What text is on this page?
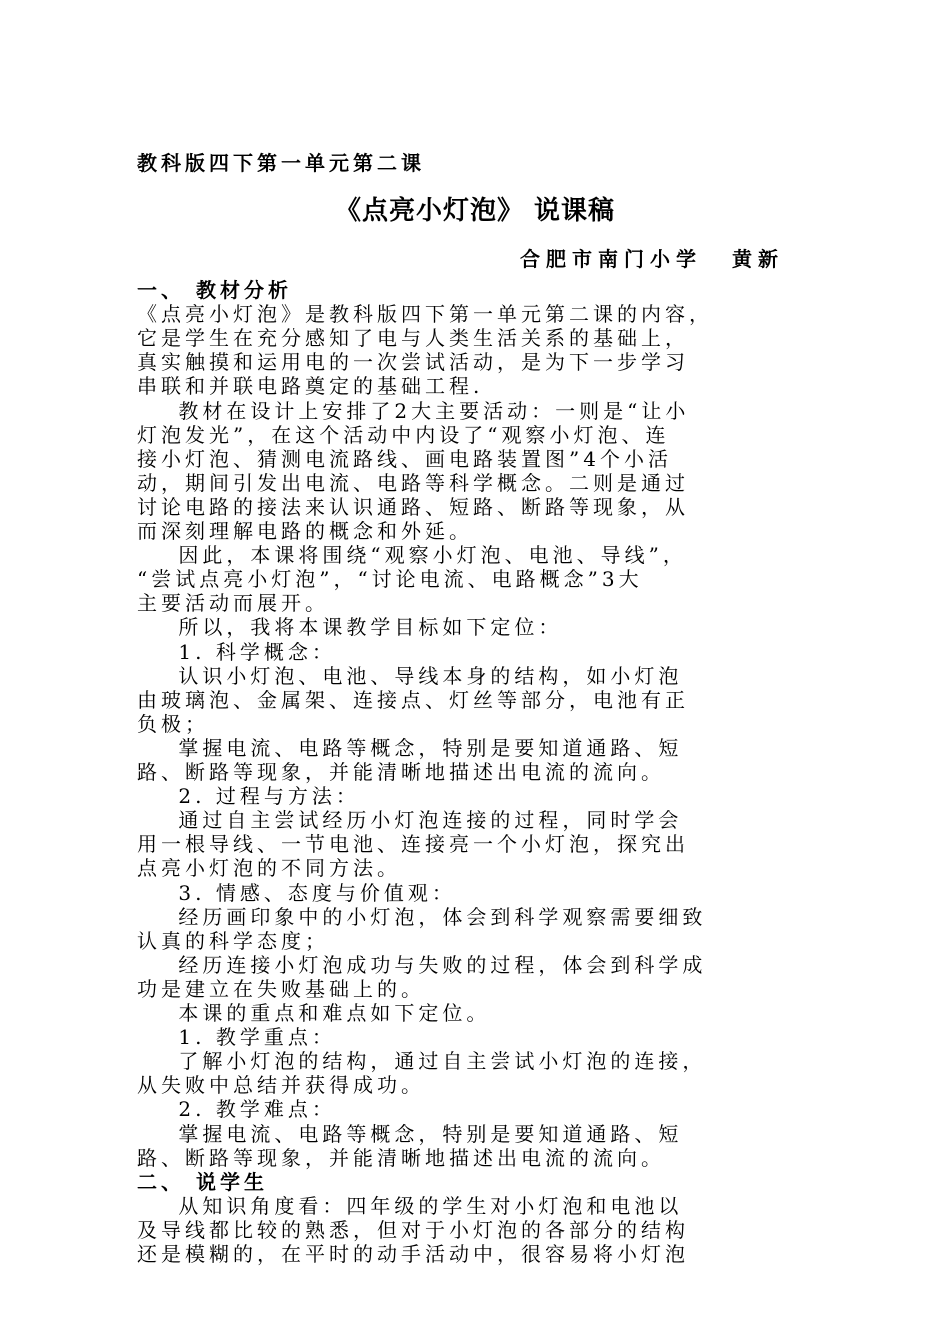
教科版四下第一单元第二课

《点亮小灯泡》 说课稿

合肥市南门小学 黄新

一、 教材分析

《点亮小灯泡》是教科版四下第一单元第二课的内容，

它是学生在充分感知了电与人类生活关系的基础上，

真实触摸和运用电的一次尝试活动，是为下一步学习

串联和并联电路奠定的基础工程.

教材在设计上安排了2大主要活动：一则是“让小

灯泡发光”，在这个活动中内设了“观察小灯泡、连

接小灯泡、猜测电流路线、画电路装置图”4个小活

动，期间引发出电流、电路等科学概念。二则是通过

讨论电路的接法来认识通路、短路、断路等现象，从

而深刻理解电路的概念和外延。

因此，本课将围绕“观察小灯泡、电池、导线”，

“尝试点亮小灯泡”，“讨论电流、电路概念”3大

主要活动而展开。

所以，我将本课教学目标如下定位：

1. 科学概念：

认识小灯泡、电池、导线本身的结构，如小灯泡

由玻璃泡、金属架、连接点、灯丝等部分，电池有正

负极；

掌握电流、电路等概念，特别是要知道通路、短

路、断路等现象，并能清晰地描述出电流的流向。

2. 过程与方法：

通过自主尝试经历小灯泡连接的过程，同时学会

用一根导线、一节电池、连接亮一个小灯泡，探究出

点亮小灯泡的不同方法。

3. 情感、态度与价值观：

经历画印象中的小灯泡，体会到科学观察需要细致

认真的科学态度；

经历连接小灯泡成功与失败的过程，体会到科学成

功是建立在失败基础上的。

本课的重点和难点如下定位。

1. 教学重点：

了解小灯泡的结构，通过自主尝试小灯泡的连接，

从失败中总结并获得成功。

2. 教学难点：

掌握电流、电路等概念，特别是要知道通路、短

路、断路等现象，并能清晰地描述出电流的流向。

二、 说学生

从知识角度看：四年级的学生对小灯泡和电池以

及导线都比较的熟悉，但对于小灯泡的各部分的结构

还是模糊的，在平时的动手活动中，很容易将小灯泡
